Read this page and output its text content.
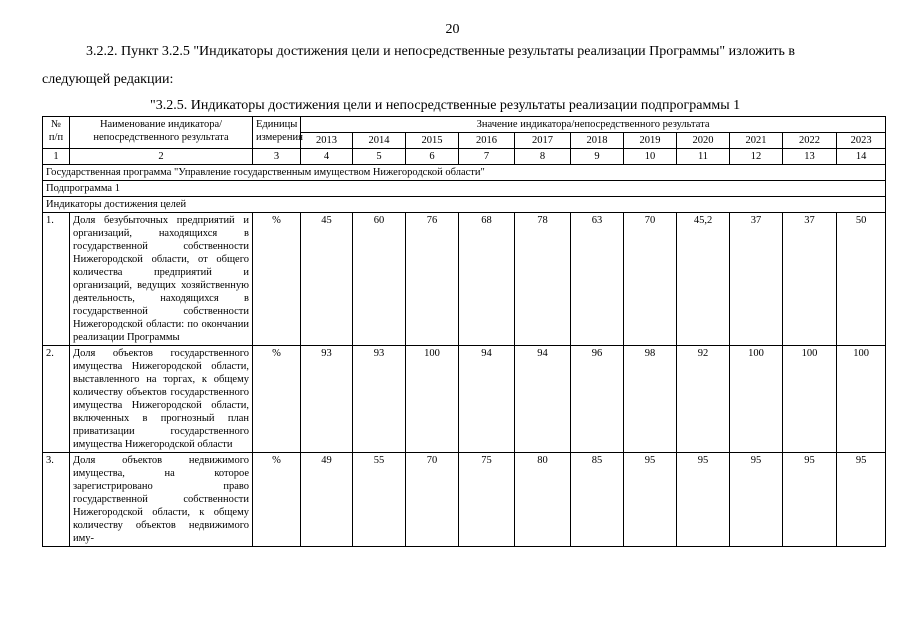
20
3.2.2. Пункт 3.2.5 "Индикаторы достижения цели и непосредственные результаты реализации Программы" изложить в
следующей редакции:
"3.2.5. Индикаторы достижения цели и непосредственные результаты реализации подпрограммы 1
№ п/п	Наименование индикатора/непосредственного результата	Единицы измерения	Значение индикатора/непосредственного результата										
			2013	2014	2015	2016	2017	2018	2019	2020	2021	2022	2023
1	2	3	4	5	6	7	8	9	10	11	12	13	14
Государственная программа "Управление государственным имуществом Нижегородской области"													
Подпрограмма 1													
Индикаторы достижения целей													
1.	Доля безубыточных предприятий и организаций, находящихся в государственной собственности Нижегородской области, от общего количества предприятий и организаций, ведущих хозяйственную деятельность, находящихся в государственной собственности Нижегородской области: по окончании реализации Программы	%	45	60	76	68	78	63	70	45,2	37	37	50
2.	Доля объектов государственного имущества Нижегородской области, выставленного на торгах, к общему количеству объектов государственного имущества Нижегородской области, включенных в прогнозный план приватизации государственного имущества Нижегородской области	%	93	93	100	94	94	96	98	92	100	100	100
3.	Доля объектов недвижимого имущества, на которое зарегистрировано право государственной собственности Нижегородской области, к общему количеству объектов недвижимого иму-	%	49	55	70	75	80	85	95	95	95	95	95
